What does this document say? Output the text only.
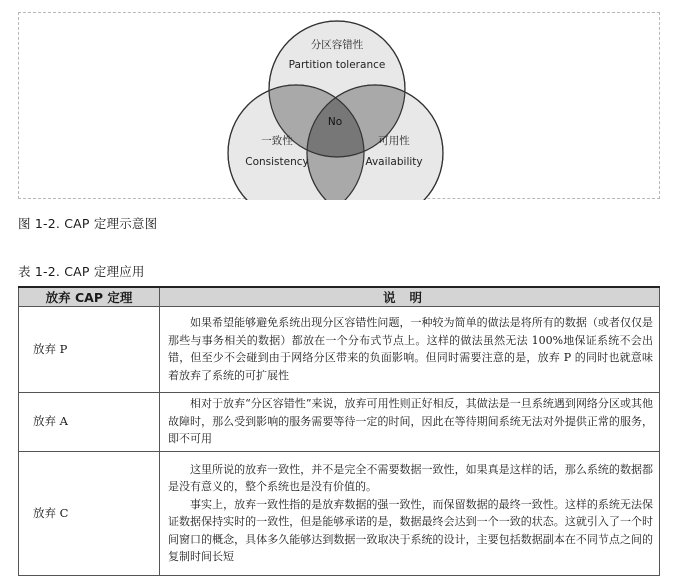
分区容错性
Partition tolerance
一致性
Consistency
可用性
Availability
No
图 1-2. CAP 定理示意图
表 1-2. CAP 定理应用
放弃 CAP 定理	说明
放弃 P	如果希望能够避免系统出现分区容错性问题，一种较为简单的做法是将所有的数据（或者仅仅是那些与事务相关的数据）都放在一个分布式节点上。这样的做法虽然无法 100%地保证系统不会出错，但至少不会碰到由于网络分区带来的负面影响。但同时需要注意的是，放弃 P 的同时也就意味着放弃了系统的可扩展性

放弃 A	相对于放弃“分区容错性”来说，放弃可用性则正好相反，其做法是一旦系统遇到网络分区或其他故障时，那么受到影响的服务需要等待一定的时间，因此在等待期间系统无法对外提供正常的服务，即不可用

放弃 C	这里所说的放弃一致性，并不是完全不需要数据一致性，如果真是这样的话，那么系统的数据都是没有意义的，整个系统也是没有价值的。
事实上，放弃一致性指的是放弃数据的强一致性，而保留数据的最终一致性。这样的系统无法保证数据保持实时的一致性，但是能够承诺的是，数据最终会达到一个一致的状态。这就引入了一个时间窗口的概念，具体多久能够达到数据一致取决于系统的设计，主要包括数据副本在不同节点之间的复制时间长短
